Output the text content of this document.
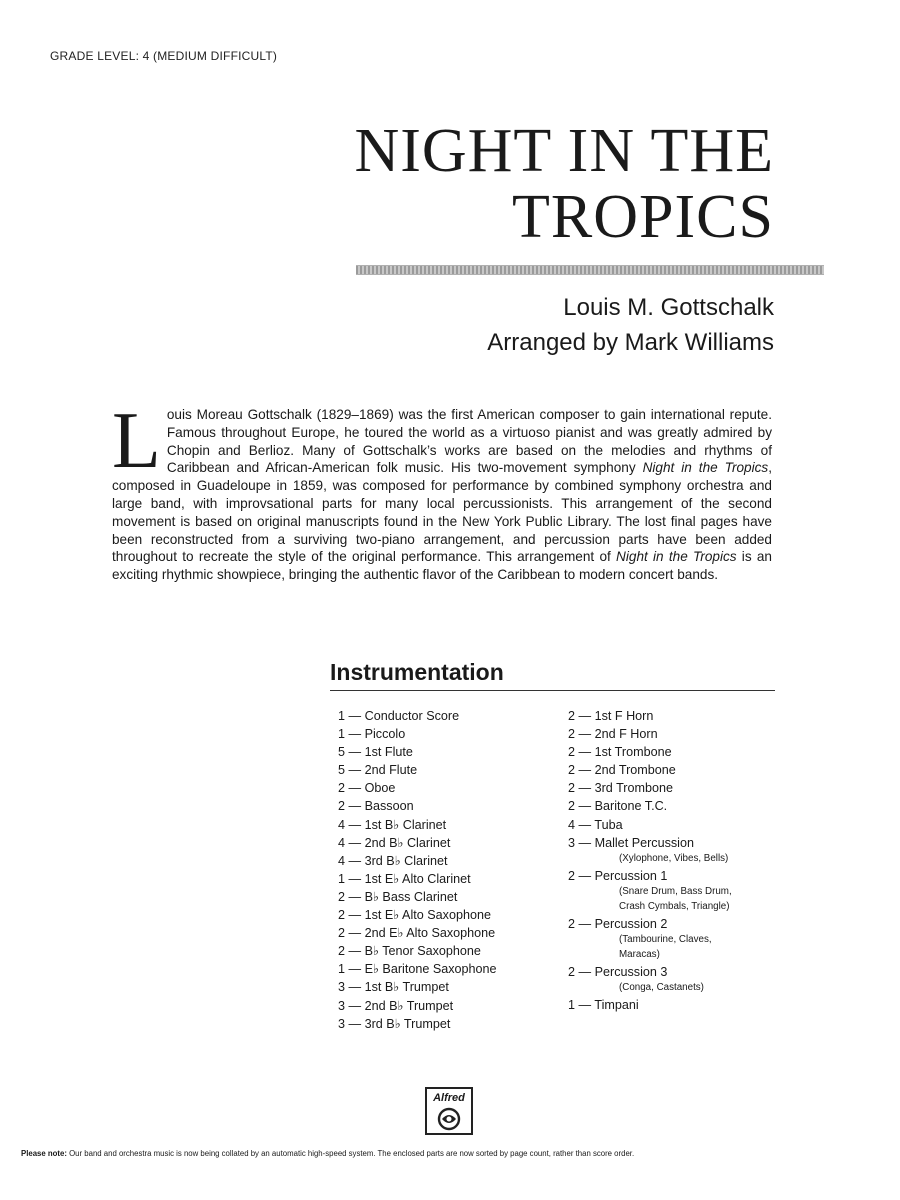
GRADE LEVEL: 4 (MEDIUM DIFFICULT)
NIGHT IN THE
TROPICS
Louis M. Gottschalk
Arranged by Mark Williams

Louis Moreau Gottschalk (1829–1869) was the first American composer to gain international repute. Famous throughout Europe, he toured the world as a virtuoso pianist and was greatly admired by Chopin and Berlioz. Many of Gottschalk’s works are based on the melodies and rhythms of Caribbean and African-American folk music. His two-movement symphony Night in the Tropics, composed in Guadeloupe in 1859, was composed for performance by combined symphony orchestra and large band, with improvsational parts for many local percussionists. This arrangement of the second movement is based on original manuscripts found in the New York Public Library. The lost final pages have been reconstructed from a surviving two-piano arrangement, and percussion parts have been added throughout to recreate the style of the original performance. This arrangement of Night in the Tropics is an exciting rhythmic showpiece, bringing the authentic flavor of the Caribbean to modern concert bands.

Instrumentation
1 — Conductor Score
1 — Piccolo
5 — 1st Flute
5 — 2nd Flute
2 — Oboe
2 — Bassoon
4 — 1st B♭ Clarinet
4 — 2nd B♭ Clarinet
4 — 3rd B♭ Clarinet
1 — 1st E♭ Alto Clarinet
2 — B♭ Bass Clarinet
2 — 1st E♭ Alto Saxophone
2 — 2nd E♭ Alto Saxophone
2 — B♭ Tenor Saxophone
1 — E♭ Baritone Saxophone
3 — 1st B♭ Trumpet
3 — 2nd B♭ Trumpet
3 — 3rd B♭ Trumpet
2 — 1st F Horn
2 — 2nd F Horn
2 — 1st Trombone
2 — 2nd Trombone
2 — 3rd Trombone
2 — Baritone T.C.
4 — Tuba
3 — Mallet Percussion
(Xylophone, Vibes, Bells)
2 — Percussion 1
(Snare Drum, Bass Drum,
Crash Cymbals, Triangle)
2 — Percussion 2
(Tambourine, Claves,
Maracas)
2 — Percussion 3
(Conga, Castanets)
1 — Timpani
Alfred
Please note: Our band and orchestra music is now being collated by an automatic high-speed system. The enclosed parts are now sorted by page count, rather than score order.
